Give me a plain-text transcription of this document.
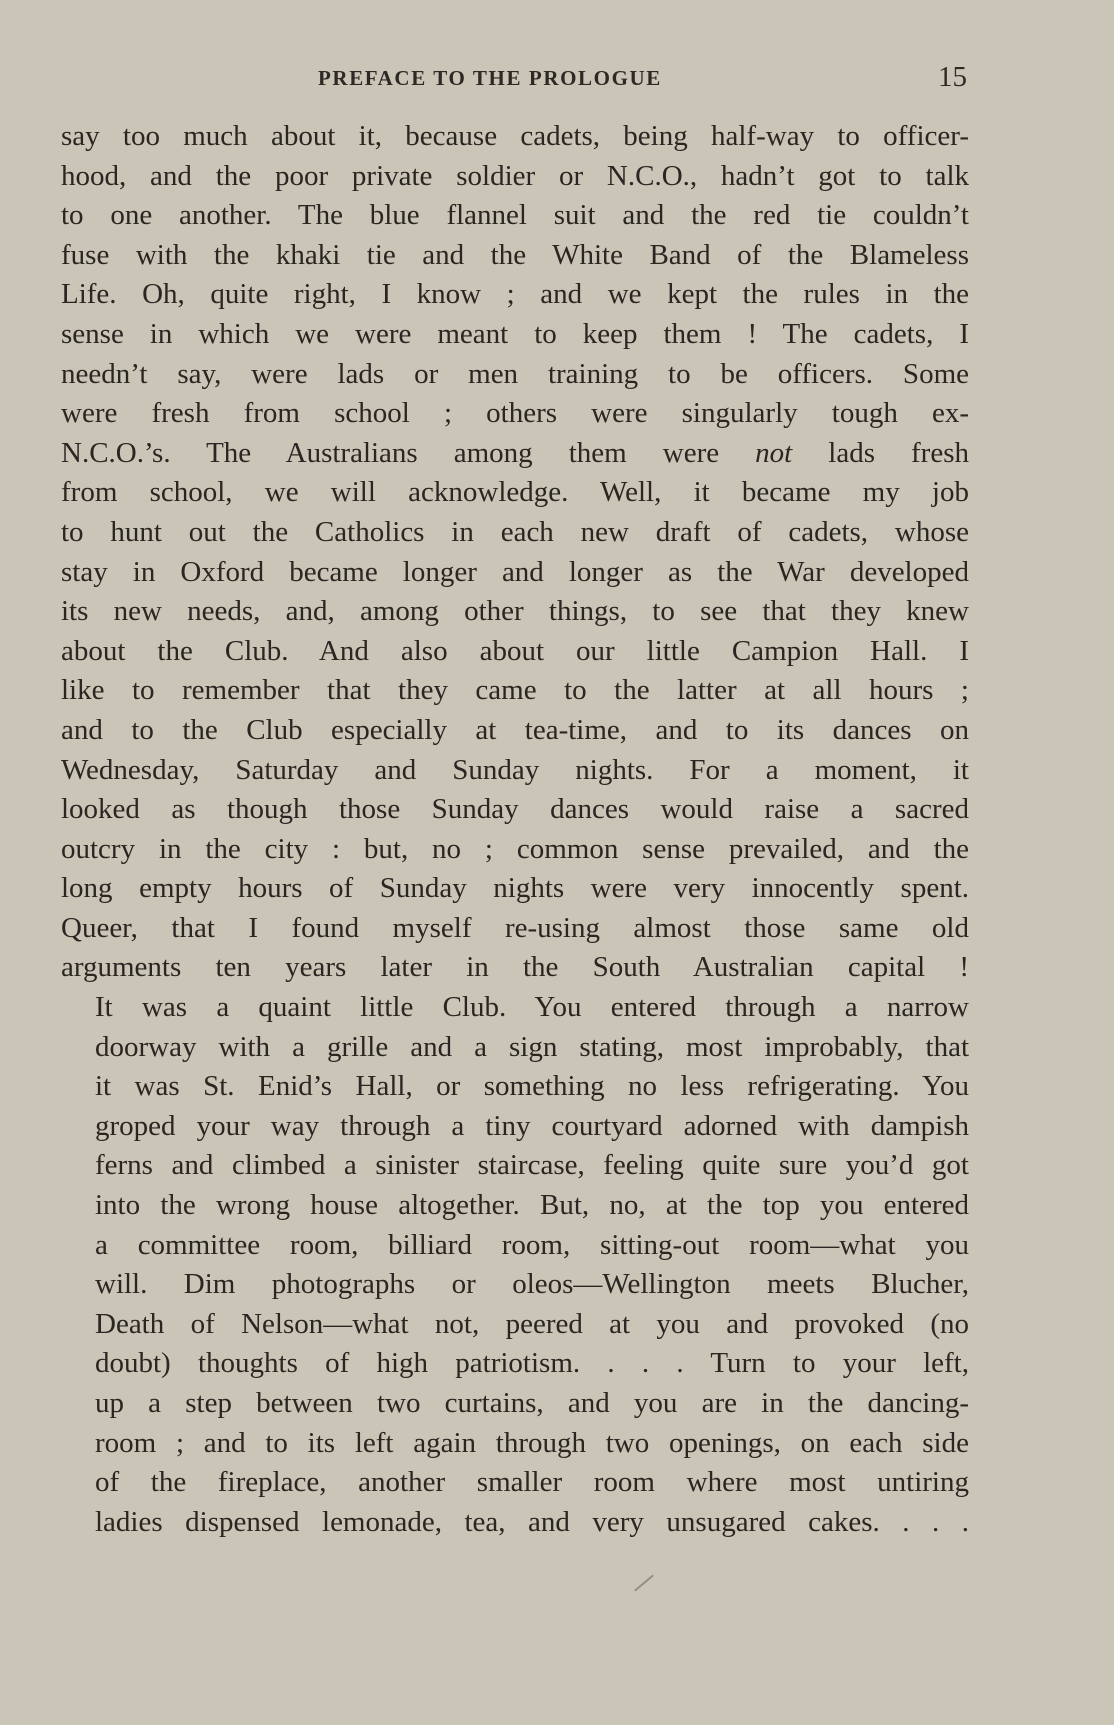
PREFACE TO THE PROLOGUE	15

say too much about it, because cadets, being half-way to officer-
hood, and the poor private soldier or N.C.O., hadn’t got to talk
to one another. The blue flannel suit and the red tie couldn’t
fuse with the khaki tie and the White Band of the Blameless
Life. Oh, quite right, I know ; and we kept the rules in the
sense in which we were meant to keep them ! The cadets, I
needn’t say, were lads or men training to be officers. Some
were fresh from school ; others were singularly tough ex-
N.C.O.’s. The Australians among them were not lads fresh
from school, we will acknowledge. Well, it became my job
to hunt out the Catholics in each new draft of cadets, whose
stay in Oxford became longer and longer as the War developed
its new needs, and, among other things, to see that they knew
about the Club. And also about our little Campion Hall. I
like to remember that they came to the latter at all hours ;
and to the Club especially at tea-time, and to its dances on
Wednesday, Saturday and Sunday nights. For a moment, it
looked as though those Sunday dances would raise a sacred
outcry in the city : but, no ; common sense prevailed, and the
long empty hours of Sunday nights were very innocently spent.
Queer, that I found myself re-using almost those same old
arguments ten years later in the South Australian capital !

It was a quaint little Club. You entered through a narrow
doorway with a grille and a sign stating, most improbably, that
it was St. Enid’s Hall, or something no less refrigerating. You
groped your way through a tiny courtyard adorned with dampish
ferns and climbed a sinister staircase, feeling quite sure you’d got
into the wrong house altogether. But, no, at the top you entered
a committee room, billiard room, sitting-out room—what you
will. Dim photographs or oleos—Wellington meets Blucher,
Death of Nelson—what not, peered at you and provoked (no
doubt) thoughts of high patriotism. . . . Turn to your left,
up a step between two curtains, and you are in the dancing-
room ; and to its left again through two openings, on each side
of the fireplace, another smaller room where most untiring
ladies dispensed lemonade, tea, and very unsugared cakes. . . .
